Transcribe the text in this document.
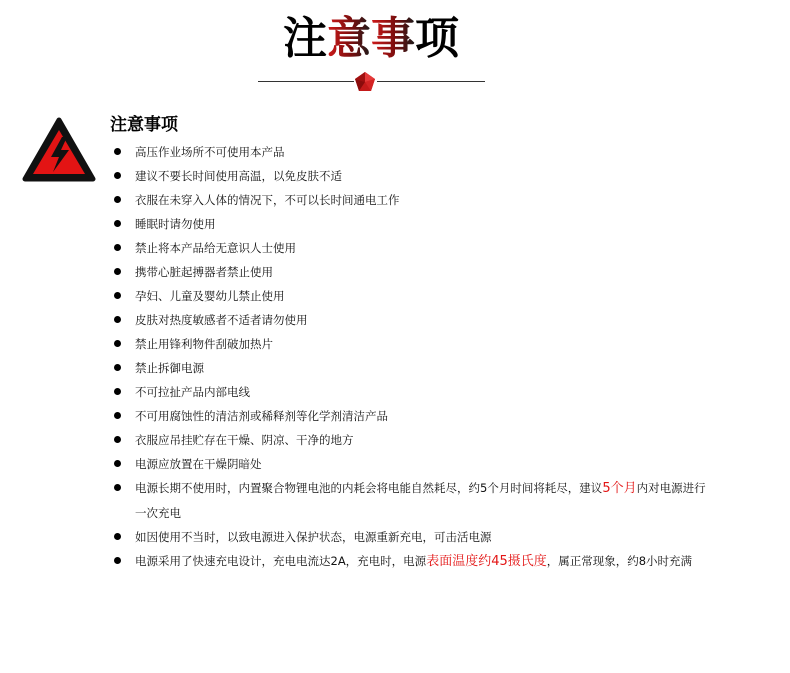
注意事项
注意事项
高压作业场所不可使用本产品
建议不要长时间使用高温，以免皮肤不适
衣服在未穿入人体的情况下，不可以长时间通电工作
睡眠时请勿使用
禁止将本产品给无意识人士使用
携带心脏起搏器者禁止使用
孕妇、儿童及婴幼儿禁止使用
皮肤对热度敏感者不适者请勿使用
禁止用锋利物件刮破加热片
禁止拆御电源
不可拉扯产品内部电线
不可用腐蚀性的清洁剂或稀释剂等化学剂清洁产品
衣服应吊挂贮存在干燥、阴凉、干净的地方
电源应放置在干燥阴暗处
电源长期不使用时，内置聚合物锂电池的内耗会将电能自然耗尽，约5个月时间将耗尽，建议5个月内对电源进行一次充电
如因使用不当时，以致电源进入保护状态，电源重新充电，可击活电源
电源采用了快速充电设计，充电电流达2A，充电时，电源表面温度约45摄氏度，属正常现象，约8小时充满
